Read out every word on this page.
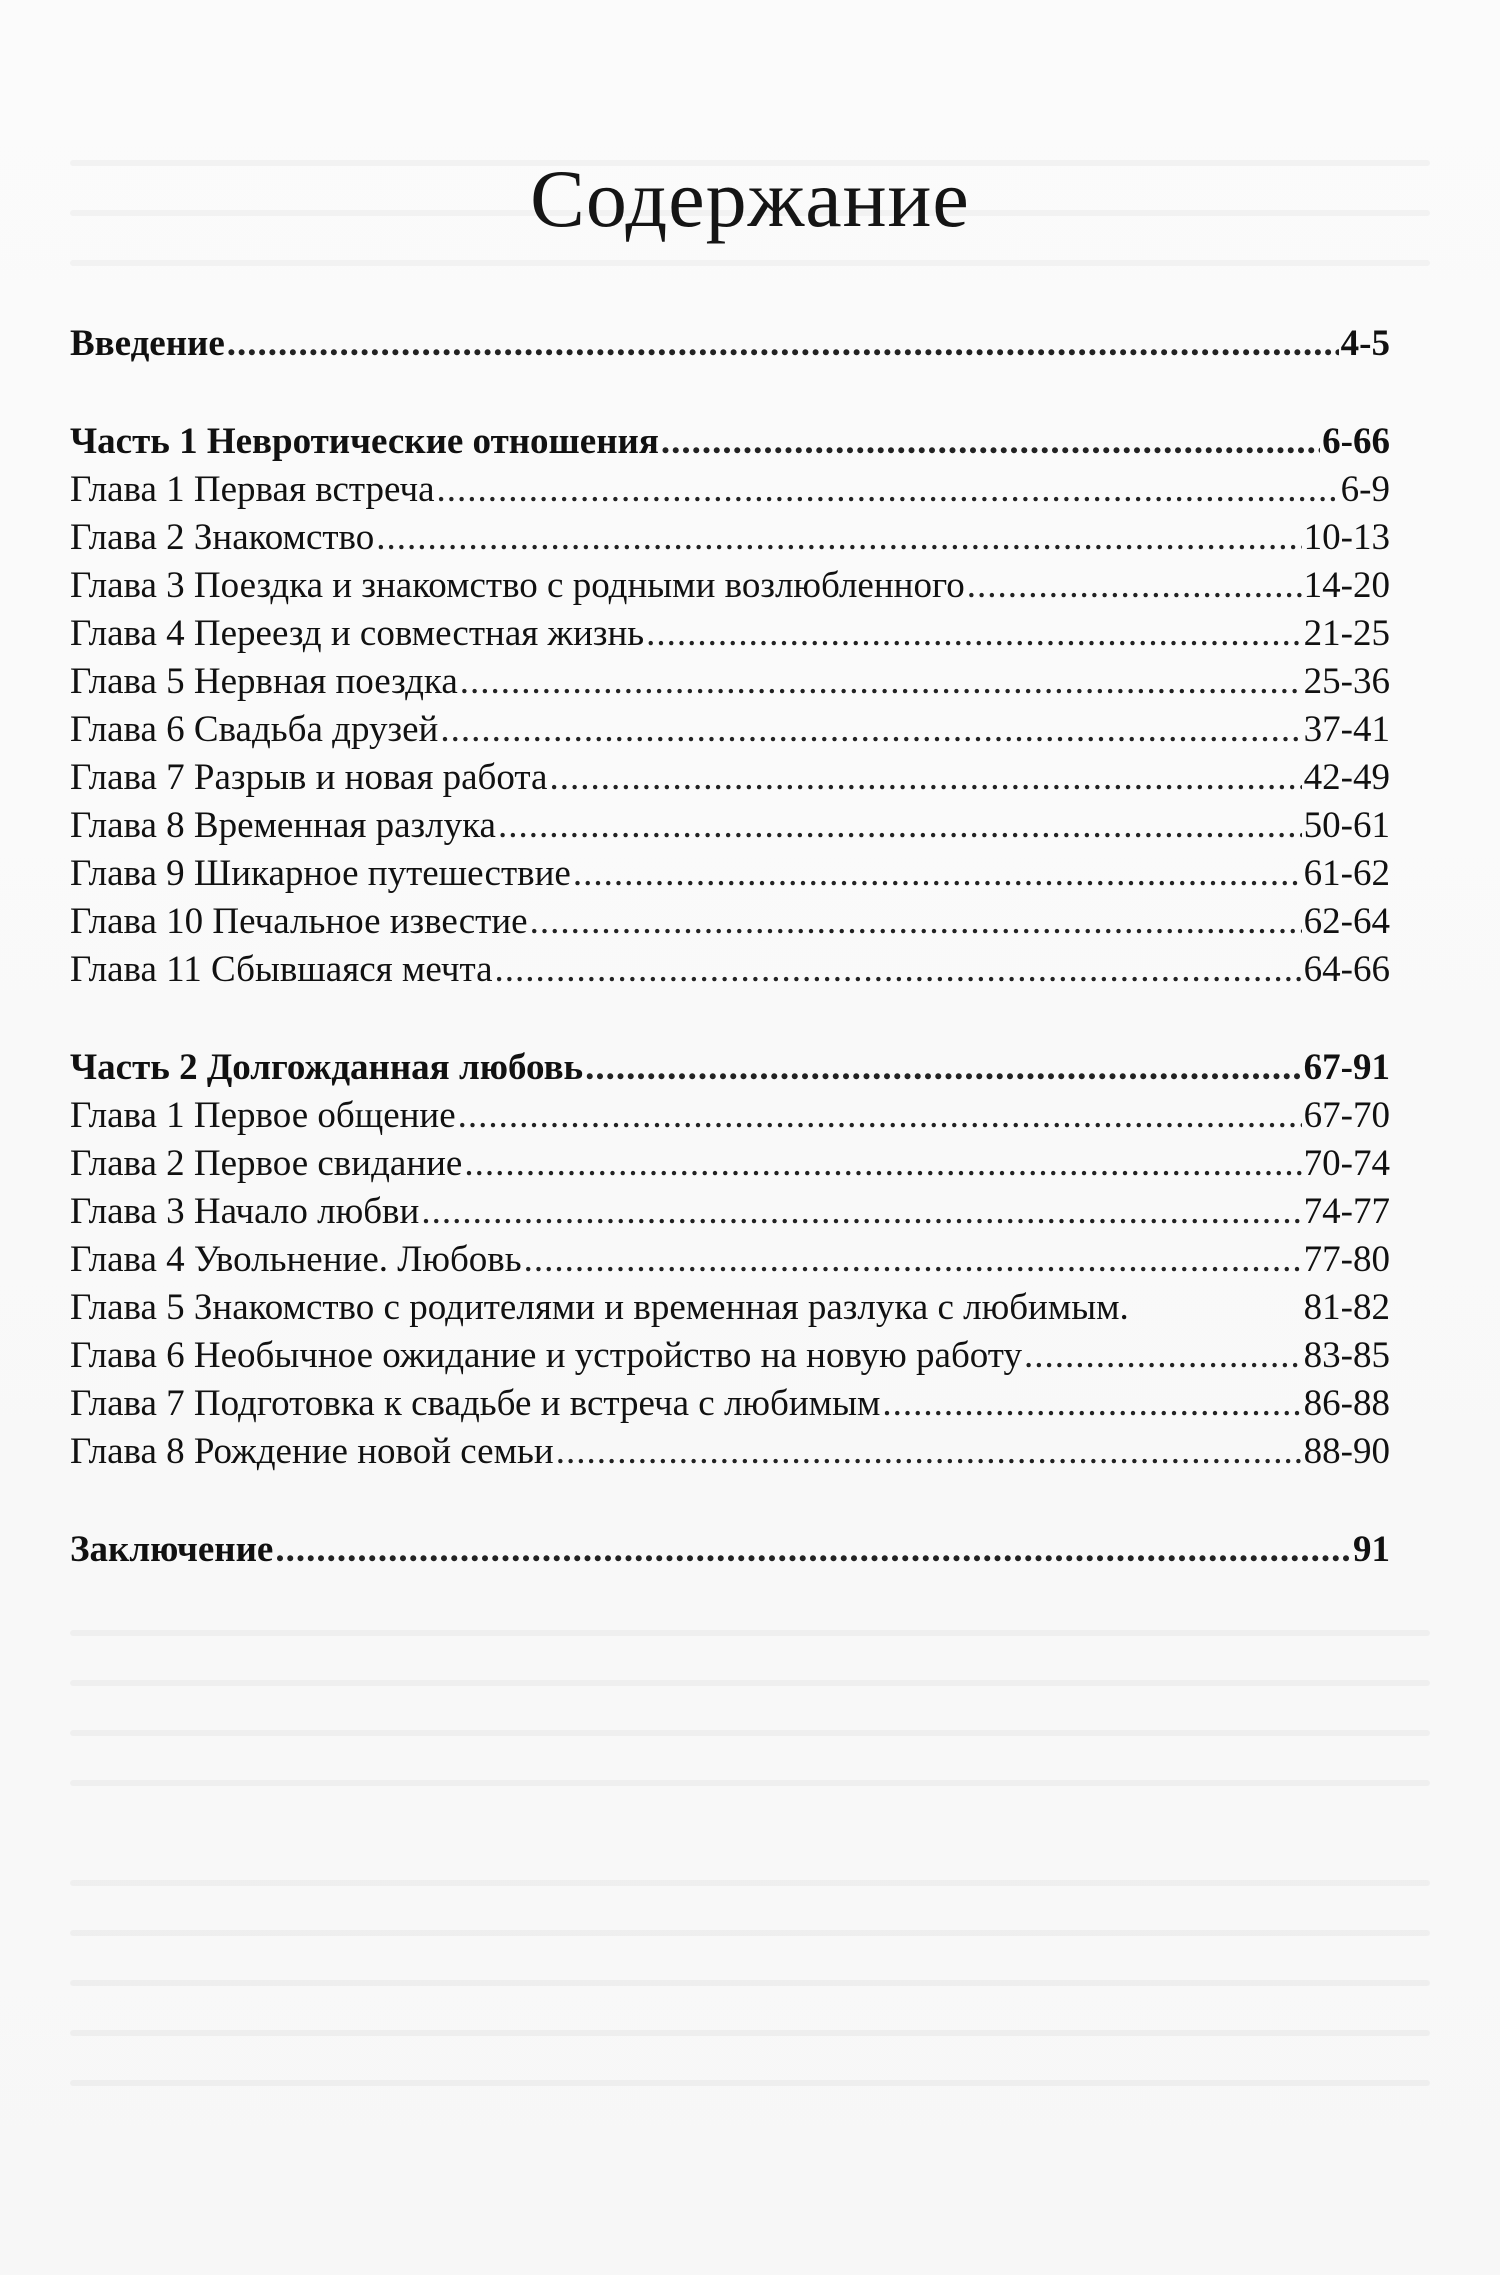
Содержание
Введение .....	4-5
Часть 1 Невротические отношения .....	6-66
Глава 1 Первая встреча .....	6-9
Глава 2 Знакомство .....	10-13
Глава 3 Поездка и знакомство с родными возлюбленного .....	14-20
Глава 4 Переезд и совместная жизнь .....	21-25
Глава 5 Нервная поездка .....	25-36
Глава 6 Свадьба друзей .....	37-41
Глава 7 Разрыв и новая работа .....	42-49
Глава 8 Временная разлука .....	50-61
Глава 9 Шикарное путешествие .....	61-62
Глава 10 Печальное известие .....	62-64
Глава 11 Сбывшаяся мечта .....	64-66
Часть 2 Долгожданная любовь .....	67-91
Глава 1 Первое общение .....	67-70
Глава 2 Первое свидание .....	70-74
Глава 3 Начало любви .....	74-77
Глава 4 Увольнение. Любовь .....	77-80
Глава 5 Знакомство с родителями и временная разлука с любимым.	81-82
Глава 6 Необычное ожидание и устройство на новую работу .....	83-85
Глава 7 Подготовка к свадьбе и встреча с любимым .....	86-88
Глава 8 Рождение новой семьи .....	88-90
Заключение .....	91
